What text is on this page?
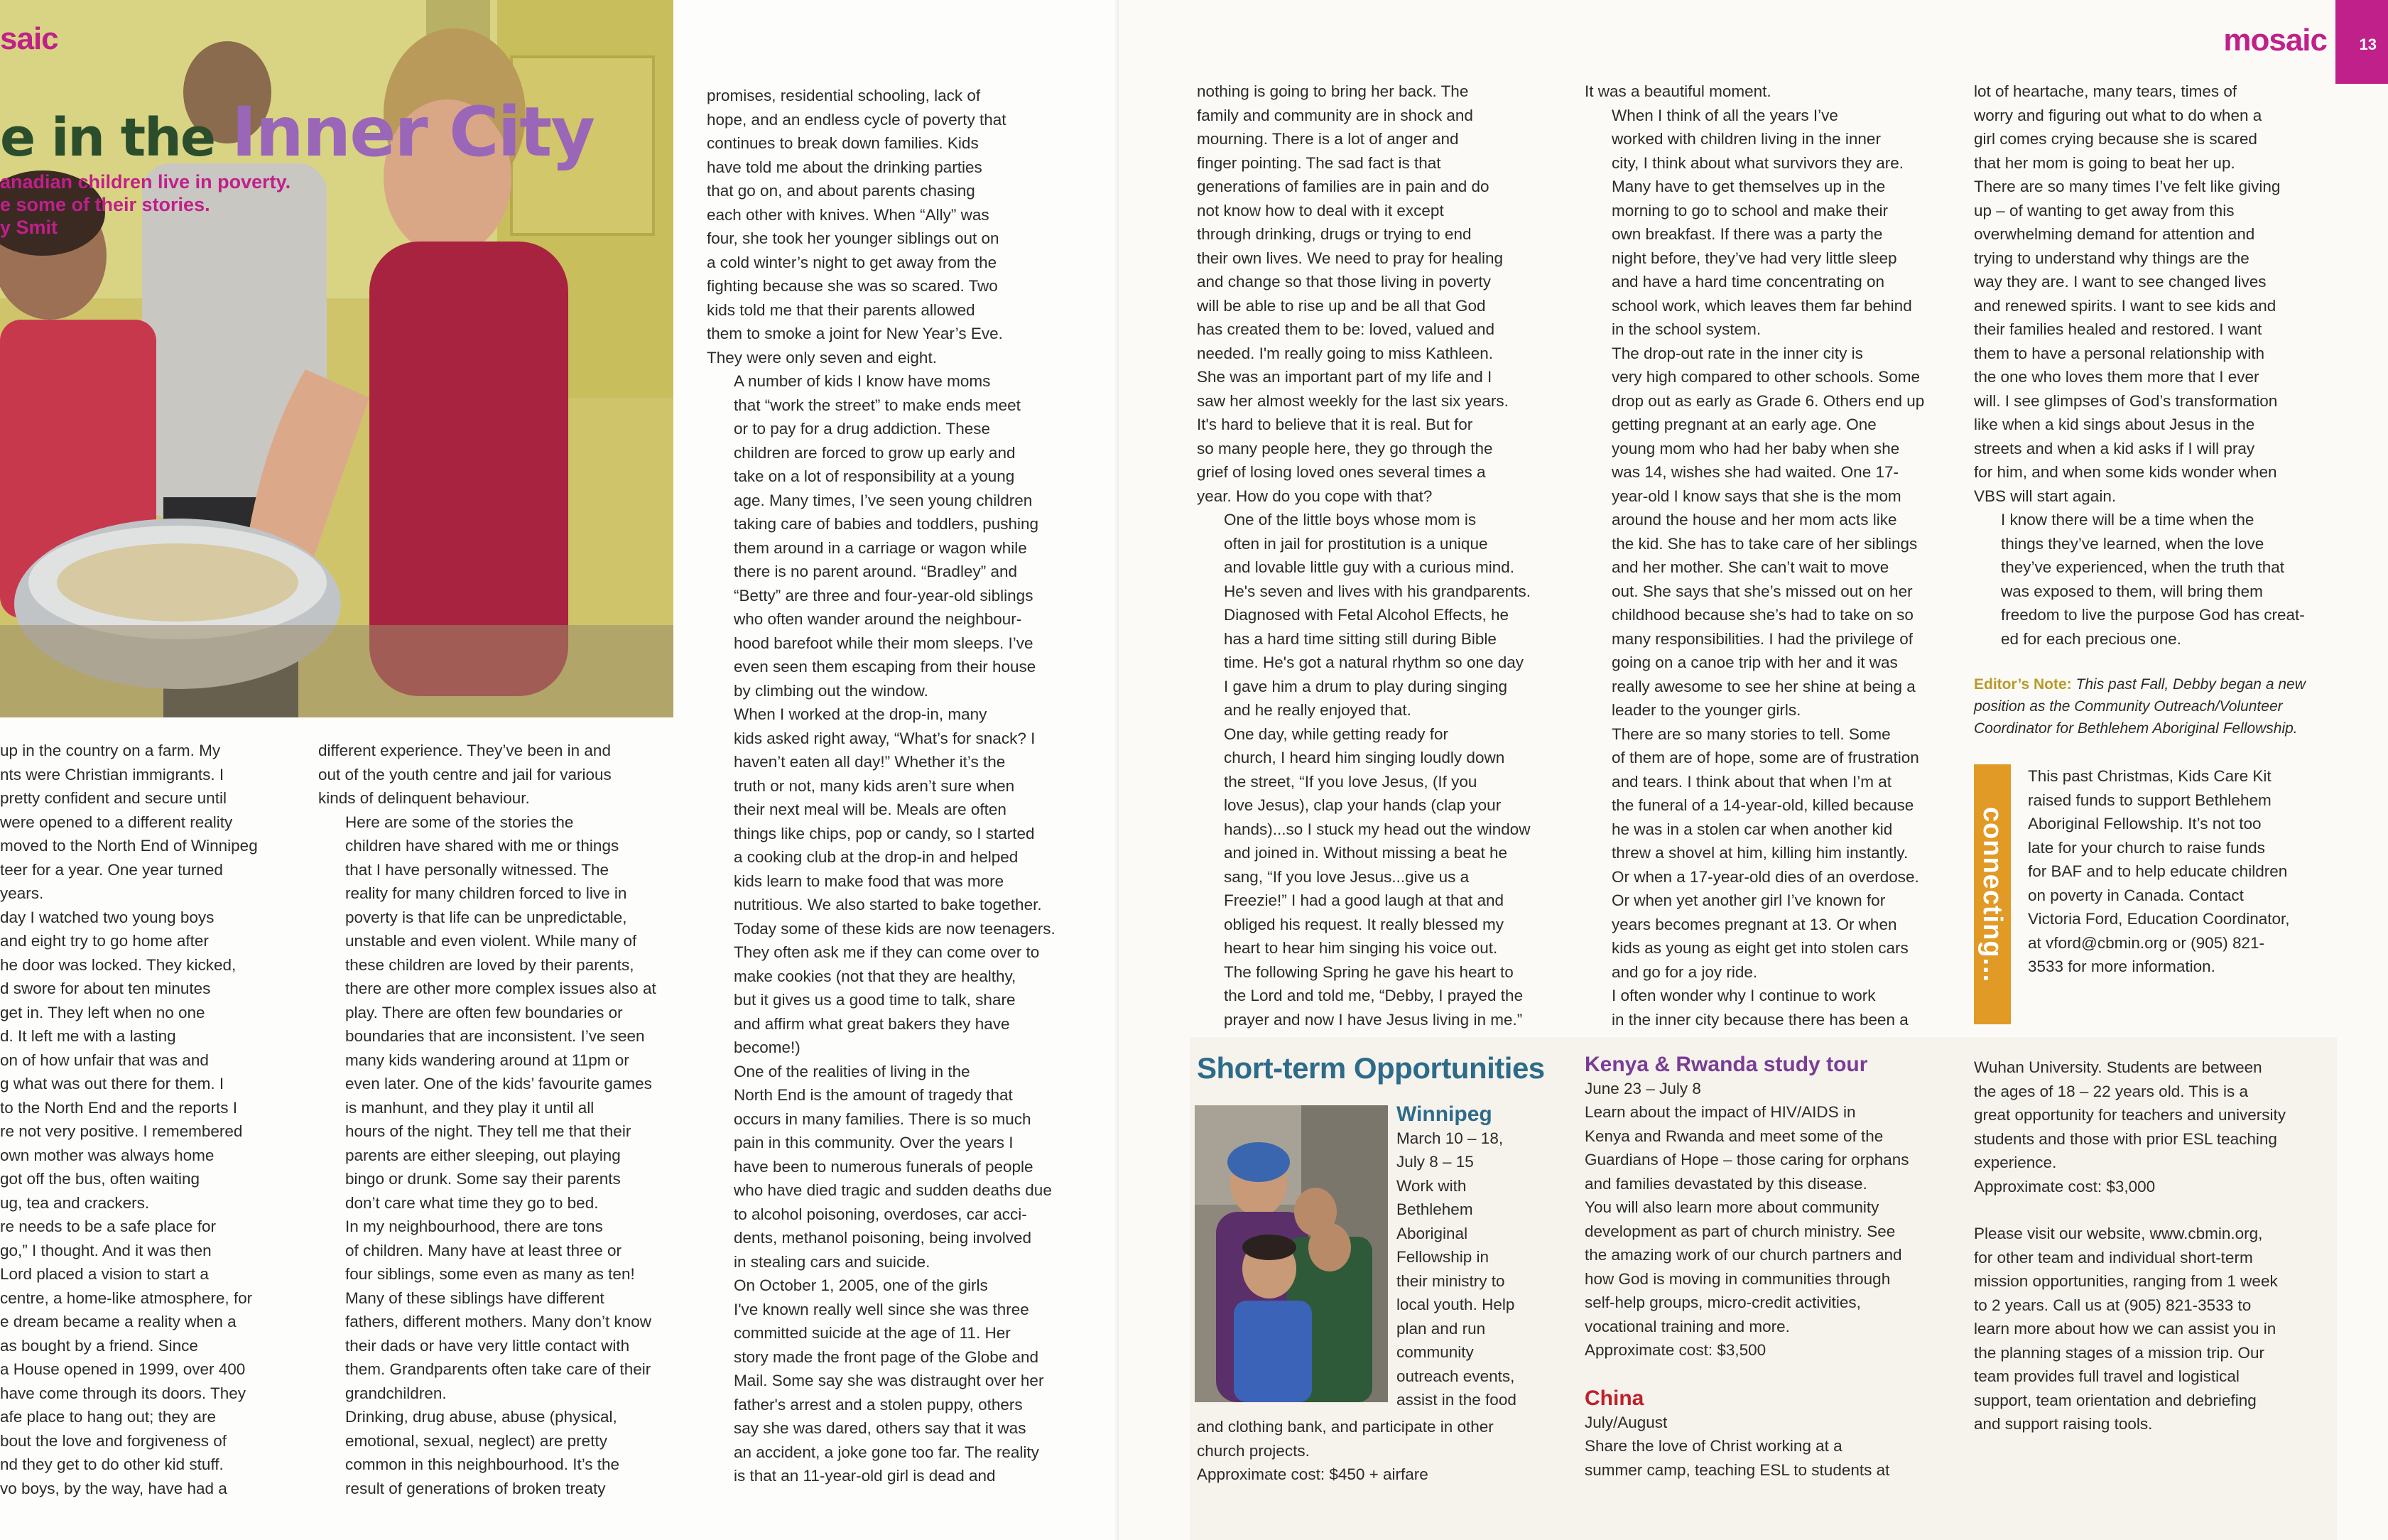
saic
e in the Inner City
anadian children live in poverty.
e some of their stories.
y Smit

up in the country on a farm. My
nts were Christian immigrants. I
pretty confident and secure until
were opened to a different reality
moved to the North End of Winnipeg
teer for a year. One year turned
years.

day I watched two young boys
and eight try to go home after
he door was locked. They kicked,
d swore for about ten minutes
get in. They left when no one
d. It left me with a lasting
on of how unfair that was and
g what was out there for them. I
to the North End and the reports I
re not very positive. I remembered
own mother was always home
got off the bus, often waiting
ug, tea and crackers.

re needs to be a safe place for
go,” I thought. And it was then
Lord placed a vision to start a
centre, a home-like atmosphere, for
e dream became a reality when a
as bought by a friend. Since
a House opened in 1999, over 400
have come through its doors. They
afe place to hang out; they are
bout the love and forgiveness of
nd they get to do other kid stuff.
vo boys, by the way, have had a

different experience. They’ve been in and
out of the youth centre and jail for various
kinds of delinquent behaviour.

Here are some of the stories the
children have shared with me or things
that I have personally witnessed. The
reality for many children forced to live in
poverty is that life can be unpredictable,
unstable and even violent. While many of
these children are loved by their parents,
there are other more complex issues also at
play. There are often few boundaries or
boundaries that are inconsistent. I’ve seen
many kids wandering around at 11pm or
even later. One of the kids’ favourite games
is manhunt, and they play it until all
hours of the night. They tell me that their
parents are either sleeping, out playing
bingo or drunk. Some say their parents
don’t care what time they go to bed.

In my neighbourhood, there are tons
of children. Many have at least three or
four siblings, some even as many as ten!
Many of these siblings have different
fathers, different mothers. Many don’t know
their dads or have very little contact with
them. Grandparents often take care of their
grandchildren.

Drinking, drug abuse, abuse (physical,
emotional, sexual, neglect) are pretty
common in this neighbourhood. It’s the
result of generations of broken treaty

promises, residential schooling, lack of
hope, and an endless cycle of poverty that
continues to break down families. Kids
have told me about the drinking parties
that go on, and about parents chasing
each other with knives. When “Ally” was
four, she took her younger siblings out on
a cold winter’s night to get away from the
fighting because she was so scared. Two
kids told me that their parents allowed
them to smoke a joint for New Year’s Eve.
They were only seven and eight.

A number of kids I know have moms
that “work the street” to make ends meet
or to pay for a drug addiction. These
children are forced to grow up early and
take on a lot of responsibility at a young
age. Many times, I’ve seen young children
taking care of babies and toddlers, pushing
them around in a carriage or wagon while
there is no parent around. “Bradley” and
“Betty” are three and four-year-old siblings
who often wander around the neighbour-
hood barefoot while their mom sleeps. I’ve
even seen them escaping from their house
by climbing out the window.

When I worked at the drop-in, many
kids asked right away, “What’s for snack? I
haven’t eaten all day!” Whether it’s the
truth or not, many kids aren’t sure when
their next meal will be. Meals are often
things like chips, pop or candy, so I started
a cooking club at the drop-in and helped
kids learn to make food that was more
nutritious. We also started to bake together.
Today some of these kids are now teenagers.
They often ask me if they can come over to
make cookies (not that they are healthy,
but it gives us a good time to talk, share
and affirm what great bakers they have
become!)

One of the realities of living in the
North End is the amount of tragedy that
occurs in many families. There is so much
pain in this community. Over the years I
have been to numerous funerals of people
who have died tragic and sudden deaths due
to alcohol poisoning, overdoses, car acci-
dents, methanol poisoning, being involved
in stealing cars and suicide.

On October 1, 2005, one of the girls
I've known really well since she was three
committed suicide at the age of 11. Her
story made the front page of the Globe and
Mail. Some say she was distraught over her
father's arrest and a stolen puppy, others
say she was dared, others say that it was
an accident, a joke gone too far. The reality
is that an 11-year-old girl is dead and

mosaic 13

nothing is going to bring her back. The
family and community are in shock and
mourning. There is a lot of anger and
finger pointing. The sad fact is that
generations of families are in pain and do
not know how to deal with it except
through drinking, drugs or trying to end
their own lives. We need to pray for healing
and change so that those living in poverty
will be able to rise up and be all that God
has created them to be: loved, valued and
needed. I'm really going to miss Kathleen.
She was an important part of my life and I
saw her almost weekly for the last six years.
It's hard to believe that it is real. But for
so many people here, they go through the
grief of losing loved ones several times a
year. How do you cope with that?

One of the little boys whose mom is
often in jail for prostitution is a unique
and lovable little guy with a curious mind.
He's seven and lives with his grandparents.
Diagnosed with Fetal Alcohol Effects, he
has a hard time sitting still during Bible
time. He's got a natural rhythm so one day
I gave him a drum to play during singing
and he really enjoyed that.

One day, while getting ready for
church, I heard him singing loudly down
the street, “If you love Jesus, (If you
love Jesus), clap your hands (clap your
hands)...so I stuck my head out the window
and joined in. Without missing a beat he
sang, “If you love Jesus...give us a
Freezie!” I had a good laugh at that and
obliged his request. It really blessed my
heart to hear him singing his voice out.
The following Spring he gave his heart to
the Lord and told me, “Debby, I prayed the
prayer and now I have Jesus living in me.”

It was a beautiful moment.

When I think of all the years I’ve
worked with children living in the inner
city, I think about what survivors they are.
Many have to get themselves up in the
morning to go to school and make their
own breakfast. If there was a party the
night before, they’ve had very little sleep
and have a hard time concentrating on
school work, which leaves them far behind
in the school system.

The drop-out rate in the inner city is
very high compared to other schools. Some
drop out as early as Grade 6. Others end up
getting pregnant at an early age. One
young mom who had her baby when she
was 14, wishes she had waited. One 17-
year-old I know says that she is the mom
around the house and her mom acts like
the kid. She has to take care of her siblings
and her mother. She can’t wait to move
out. She says that she’s missed out on her
childhood because she’s had to take on so
many responsibilities. I had the privilege of
going on a canoe trip with her and it was
really awesome to see her shine at being a
leader to the younger girls.

There are so many stories to tell. Some
of them are of hope, some are of frustration
and tears. I think about that when I’m at
the funeral of a 14-year-old, killed because
he was in a stolen car when another kid
threw a shovel at him, killing him instantly.
Or when a 17-year-old dies of an overdose.
Or when yet another girl I’ve known for
years becomes pregnant at 13. Or when
kids as young as eight get into stolen cars
and go for a joy ride.

I often wonder why I continue to work
in the inner city because there has been a

lot of heartache, many tears, times of
worry and figuring out what to do when a
girl comes crying because she is scared
that her mom is going to beat her up.
There are so many times I’ve felt like giving
up – of wanting to get away from this
overwhelming demand for attention and
trying to understand why things are the
way they are. I want to see changed lives
and renewed spirits. I want to see kids and
their families healed and restored. I want
them to have a personal relationship with
the one who loves them more that I ever
will. I see glimpses of God’s transformation
like when a kid sings about Jesus in the
streets and when a kid asks if I will pray
for him, and when some kids wonder when
VBS will start again.

I know there will be a time when the
things they’ve learned, when the love
they’ve experienced, when the truth that
was exposed to them, will bring them
freedom to live the purpose God has creat-
ed for each precious one.

Editor’s Note: This past Fall, Debby began a new
position as the Community Outreach/Volunteer
Coordinator for Bethlehem Aboriginal Fellowship.
connecting...

This past Christmas, Kids Care Kit
raised funds to support Bethlehem
Aboriginal Fellowship. It’s not too
late for your church to raise funds
for BAF and to help educate children
on poverty in Canada. Contact
Victoria Ford, Education Coordinator,
at vford@cbmin.org or (905) 821-
3533 for more information.

Short-term Opportunities
Winnipeg

March 10 – 18,
July 8 – 15
Work with
Bethlehem
Aboriginal
Fellowship in
their ministry to
local youth. Help
plan and run
community
outreach events,
assist in the food

and clothing bank, and participate in other
church projects.
Approximate cost: $450 + airfare

Kenya & Rwanda study tour

June 23 – July 8
Learn about the impact of HIV/AIDS in
Kenya and Rwanda and meet some of the
Guardians of Hope – those caring for orphans
and families devastated by this disease.
You will also learn more about community
development as part of church ministry. See
the amazing work of our church partners and
how God is moving in communities through
self-help groups, micro-credit activities,
vocational training and more.
Approximate cost: $3,500

China

July/August
Share the love of Christ working at a
summer camp, teaching ESL to students at

Wuhan University. Students are between
the ages of 18 – 22 years old. This is a
great opportunity for teachers and university
students and those with prior ESL teaching
experience.
Approximate cost: $3,000

Please visit our website, www.cbmin.org,
for other team and individual short-term
mission opportunities, ranging from 1 week
to 2 years. Call us at (905) 821-3533 to
learn more about how we can assist you in
the planning stages of a mission trip. Our
team provides full travel and logistical
support, team orientation and debriefing
and support raising tools.
